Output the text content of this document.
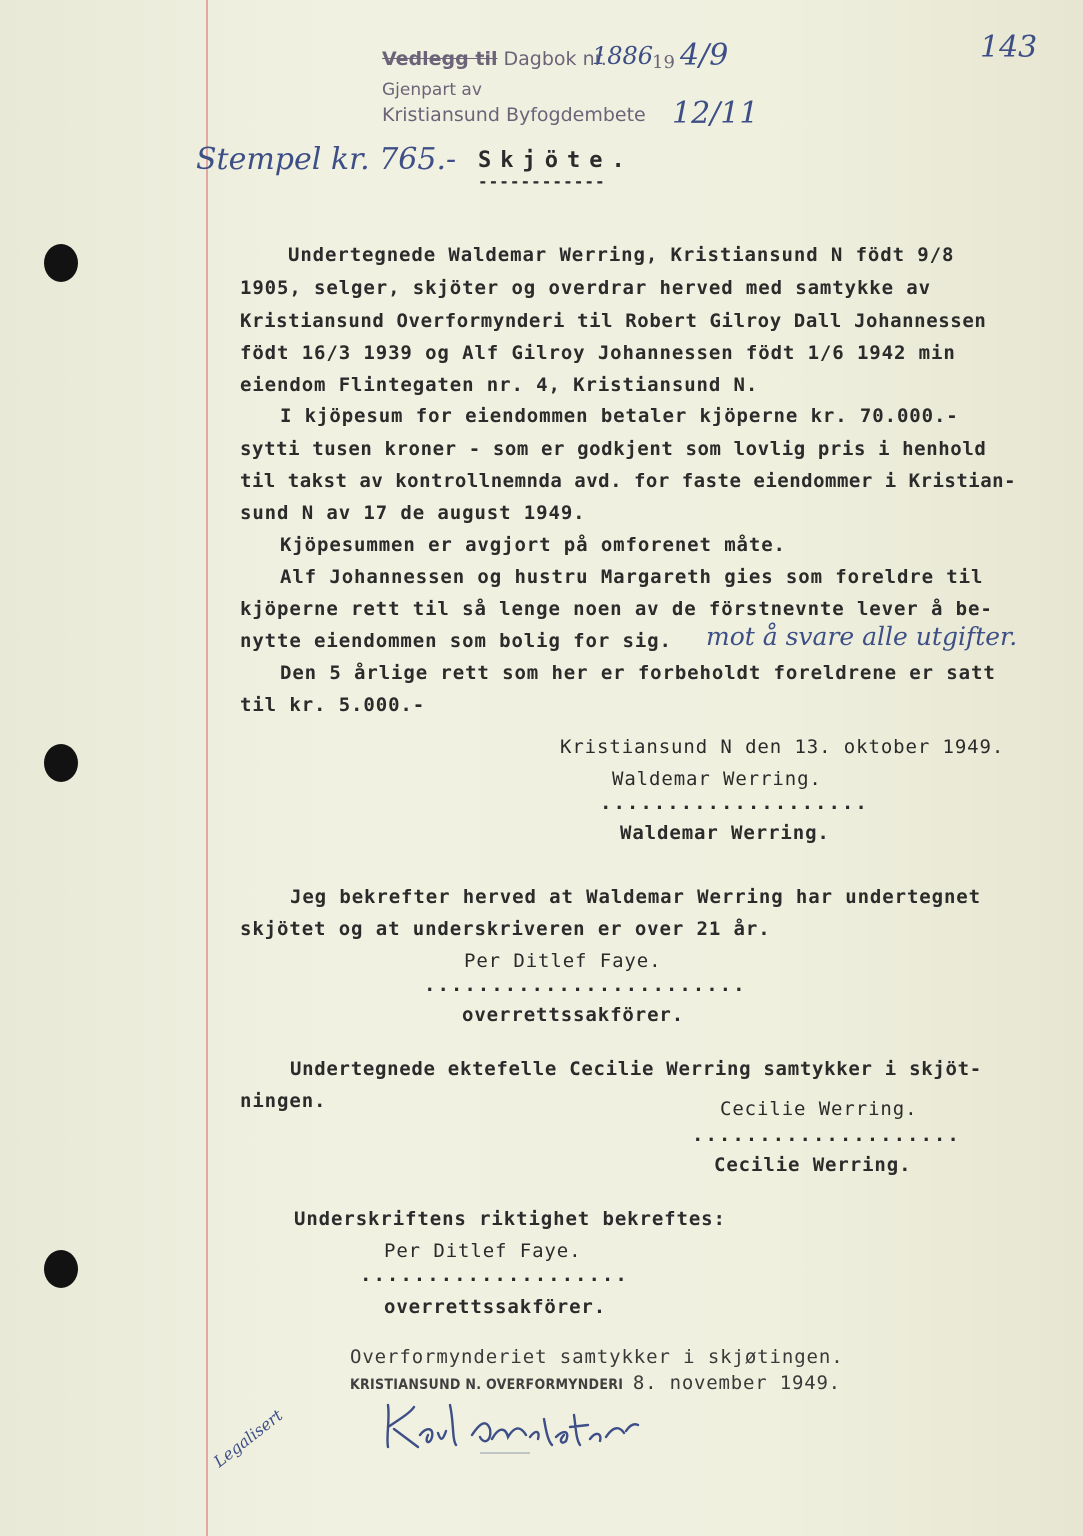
Vedlegg til Dagbok nr.
Gjenpart av
Kristiansund Byfogdembete
1886
19 4/9
12/11
143
Stempel kr. 765.- Skjöte.
------------
Undertegnede Waldemar Werring, Kristiansund N födt 9/8
1905, selger, skjöter og overdrar herved med samtykke av
Kristiansund Overformynderi til Robert Gilroy Dall Johannessen
födt 16/3 1939 og Alf Gilroy Johannessen födt 1/6 1942 min
eiendom Flintegaten nr. 4, Kristiansund N.
I kjöpesum for eiendommen betaler kjöperne kr. 70.000.-
sytti tusen kroner - som er godkjent som lovlig pris i henhold
til takst av kontrollnemnda avd. for faste eiendommer i Kristian-
sund N av 17 de august 1949.
Kjöpesummen er avgjort på omforenet måte.
Alf Johannessen og hustru Margareth gies som foreldre til
kjöperne rett til så lenge noen av de förstnevnte lever å be-
nytte eiendommen som bolig for sig. mot å svare alle utgifter.
Den 5 årlige rett som her er forbeholdt foreldrene er satt
til kr. 5.000.-
Kristiansund N den 13. oktober 1949.
Waldemar Werring.
....................
Waldemar Werring.
Jeg bekrefter herved at Waldemar Werring har undertegnet
skjötet og at underskriveren er over 21 år.
Per Ditlef Faye.
........................
overrettssakförer.
Undertegnede ektefelle Cecilie Werring samtykker i skjöt-
ningen.	Cecilie Werring.
....................
Cecilie Werring.
Underskriftens riktighet bekreftes:
Per Ditlef Faye.
....................
overrettssakförer.
Overformynderiet samtykker i skjøtingen.
KRISTIANSUND N. OVERFORMYNDERI 8. november 1949.
Legalisert
